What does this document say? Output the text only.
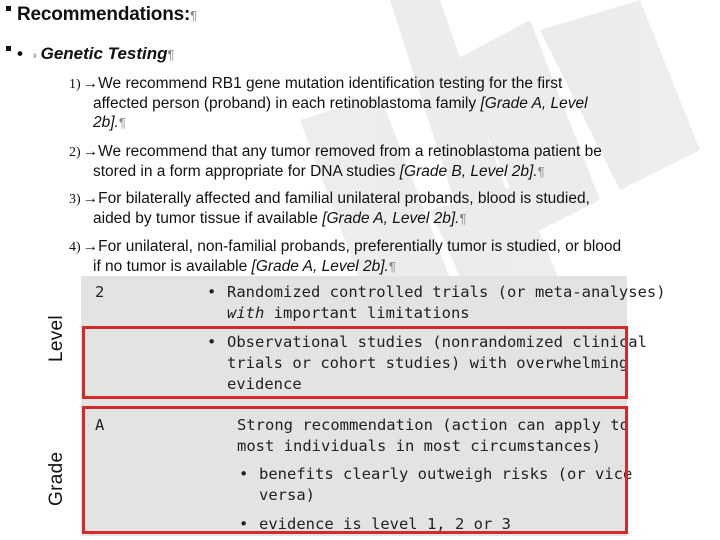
Recommendations:¶
• › Genetic Testing¶
1) →We recommend RB1 gene mutation identification testing for the first
affected person (proband) in each retinoblastoma family [Grade A, Level
2b].¶
2) →We recommend that any tumor removed from a retinoblastoma patient be
stored in a form appropriate for DNA studies [Grade B, Level 2b].¶
3) →For bilaterally affected and familial unilateral probands, blood is studied,
aided by tumor tissue if available [Grade A, Level 2b].¶
4) →For unilateral, non-familial probands, preferentially tumor is studied, or blood
if no tumor is available [Grade A, Level 2b].¶
Level
Grade
2
•	Randomized controlled trials (or meta-analyses)
with important limitations
• Observational studies (nonrandomized clinical
trials or cohort studies) with overwhelming
evidence
A	Strong recommendation (action can apply to
most individuals in most circumstances)
• benefits clearly outweigh risks (or vice
versa)
• evidence is level 1, 2 or 3
